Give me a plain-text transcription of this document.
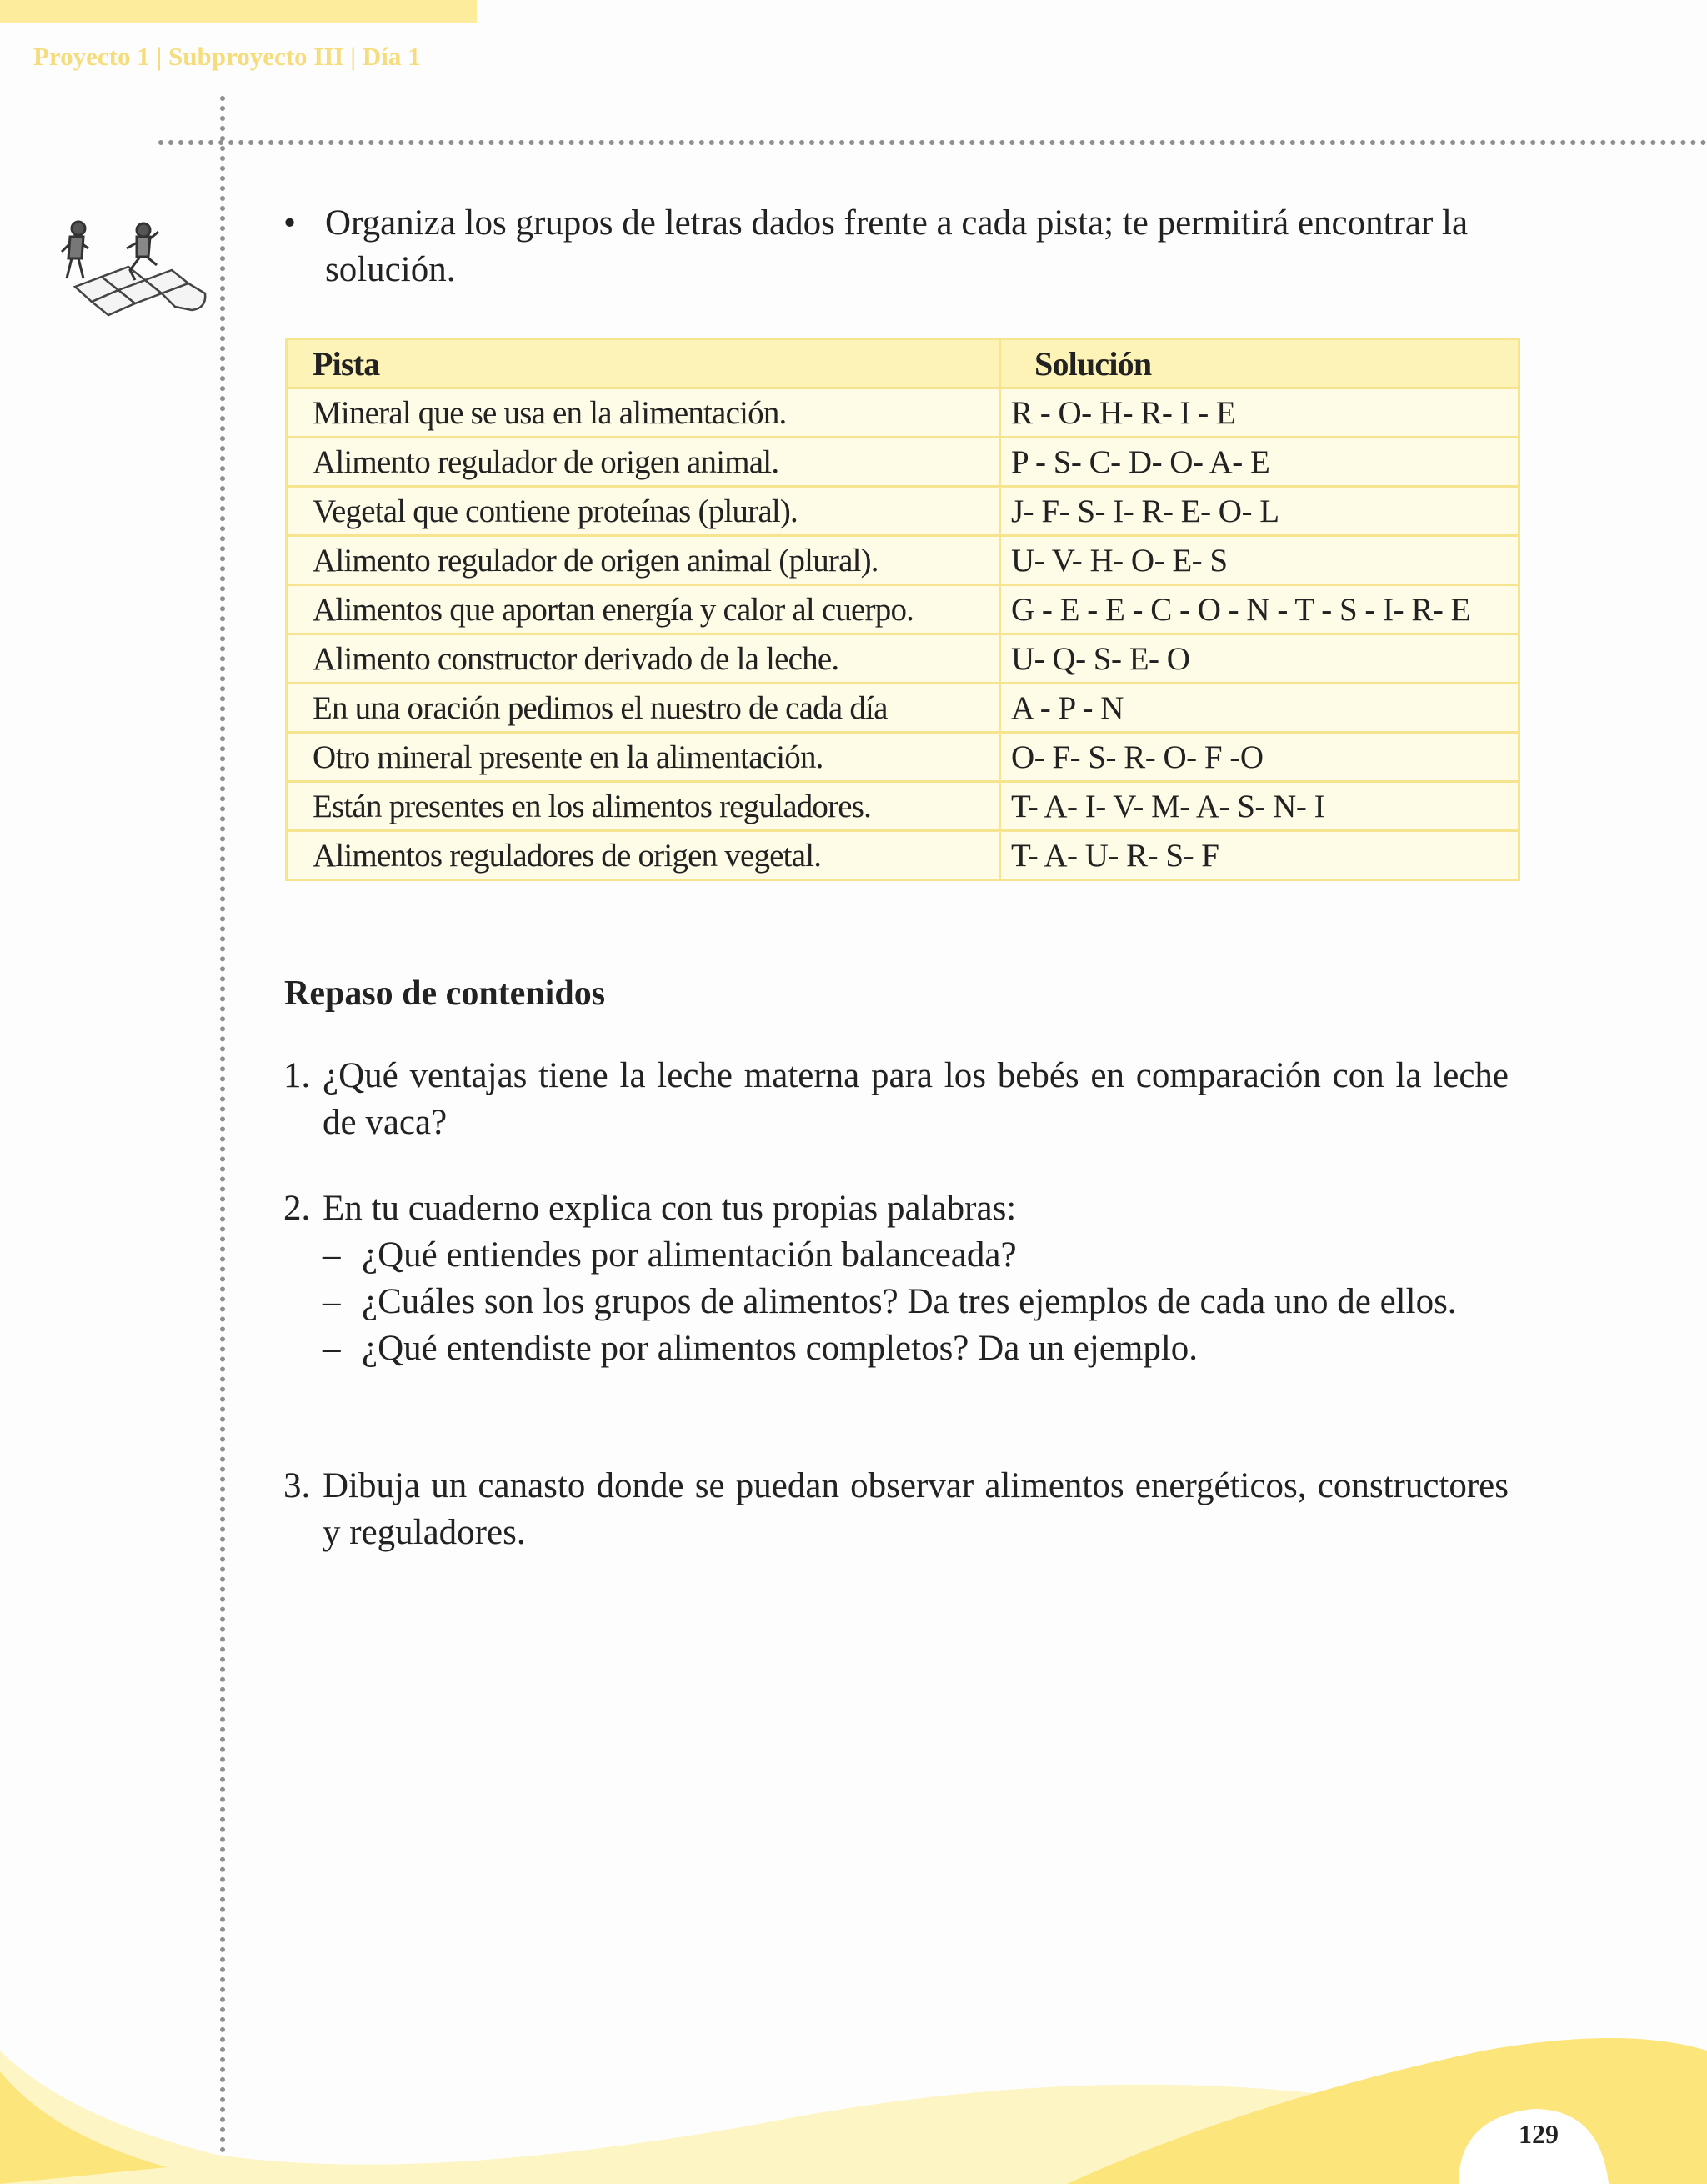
Proyecto 1 | Subproyecto III | Día 1
• Organiza los grupos de letras dados frente a cada pista; te permitirá encontrar la solución.
Pista	Solución
Mineral que se usa en la alimentación.	R - O- H- R- I - E
Alimento regulador de origen animal.	P - S- C- D- O- A- E
Vegetal que contiene proteínas (plural).	J- F- S- I- R- E- O- L
Alimento regulador de origen animal (plural).	U- V- H- O- E- S
Alimentos que aportan energía y calor al cuerpo.	G - E - E - C - O - N - T - S - I- R- E
Alimento constructor derivado de la leche.	U- Q- S- E- O
En una oración pedimos el nuestro de cada día	A - P - N
Otro mineral presente en la alimentación.	O- F- S- R- O- F -O
Están presentes en los alimentos reguladores.	T- A- I- V- M- A- S- N- I
Alimentos reguladores de origen vegetal.	T- A- U- R- S- F
Repaso de contenidos
1. ¿Qué ventajas tiene la leche materna para los bebés en comparación con la leche de vaca?
2. En tu cuaderno explica con tus propias palabras:
– ¿Qué entiendes por alimentación balanceada?
– ¿Cuáles son los grupos de alimentos? Da tres ejemplos de cada uno de ellos.
– ¿Qué entendiste por alimentos completos? Da un ejemplo.
3. Dibuja un canasto donde se puedan observar alimentos energéticos, constructores y reguladores.
129
